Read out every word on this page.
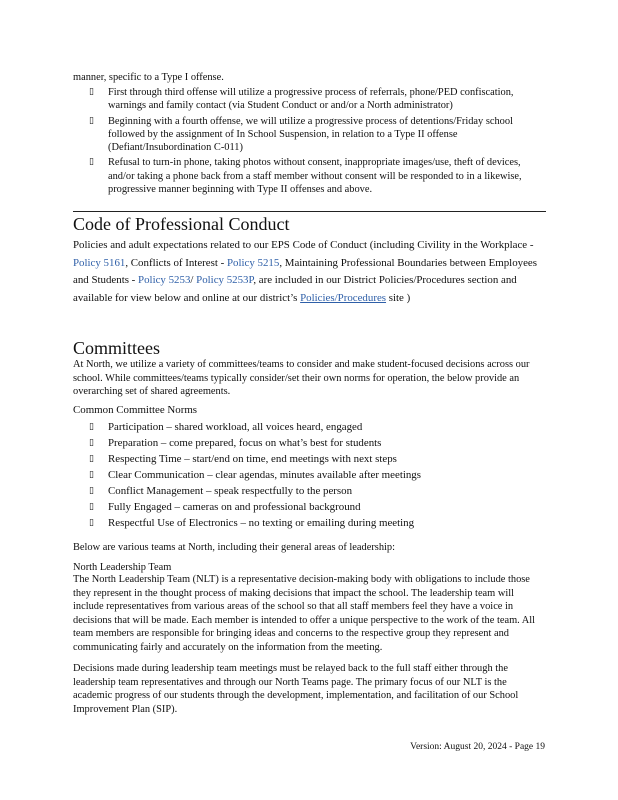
manner, specific to a Type I offense.
▯ First through third offense will utilize a progressive process of referrals, phone/PED confiscation, warnings and family contact (via Student Conduct or and/or a North administrator)
▯ Beginning with a fourth offense, we will utilize a progressive process of detentions/Friday school followed by the assignment of In School Suspension, in relation to a Type II offense (Defiant/Insubordination C-011)
▯ Refusal to turn-in phone, taking photos without consent, inappropriate images/use, theft of devices, and/or taking a phone back from a staff member without consent will be responded to in a likewise, progressive manner beginning with Type II offenses and above.
Code of Professional Conduct

Policies and adult expectations related to our EPS Code of Conduct (including Civility in the Workplace - Policy 5161, Conflicts of Interest - Policy 5215, Maintaining Professional Boundaries between Employees and Students - Policy 5253/ Policy 5253P, are included in our District Policies/Procedures section and available for view below and online at our district’s Policies/Procedures site )

Committees

At North, we utilize a variety of committees/teams to consider and make student-focused decisions across our school. While committees/teams typically consider/set their own norms for operation, the below provide an overarching set of shared agreements.

Common Committee Norms
▯ Participation – shared workload, all voices heard, engaged
▯ Preparation – come prepared, focus on what’s best for students
▯ Respecting Time – start/end on time, end meetings with next steps
▯ Clear Communication – clear agendas, minutes available after meetings
▯ Conflict Management – speak respectfully to the person
▯ Fully Engaged – cameras on and professional background
▯ Respectful Use of Electronics – no texting or emailing during meeting
Below are various teams at North, including their general areas of leadership:
North Leadership Team

The North Leadership Team (NLT) is a representative decision-making body with obligations to include those they represent in the thought process of making decisions that impact the school. The leadership team will include representatives from various areas of the school so that all staff members feel they have a voice in decisions that will be made. Each member is intended to offer a unique perspective to the work of the team. All team members are responsible for bringing ideas and concerns to the respective group they represent and communicating fairly and accurately on the information from the meeting.

Decisions made during leadership team meetings must be relayed back to the full staff either through the leadership team representatives and through our North Teams page. The primary focus of our NLT is the academic progress of our students through the development, implementation, and facilitation of our School Improvement Plan (SIP).

Version: August 20, 2024 - Page 19
